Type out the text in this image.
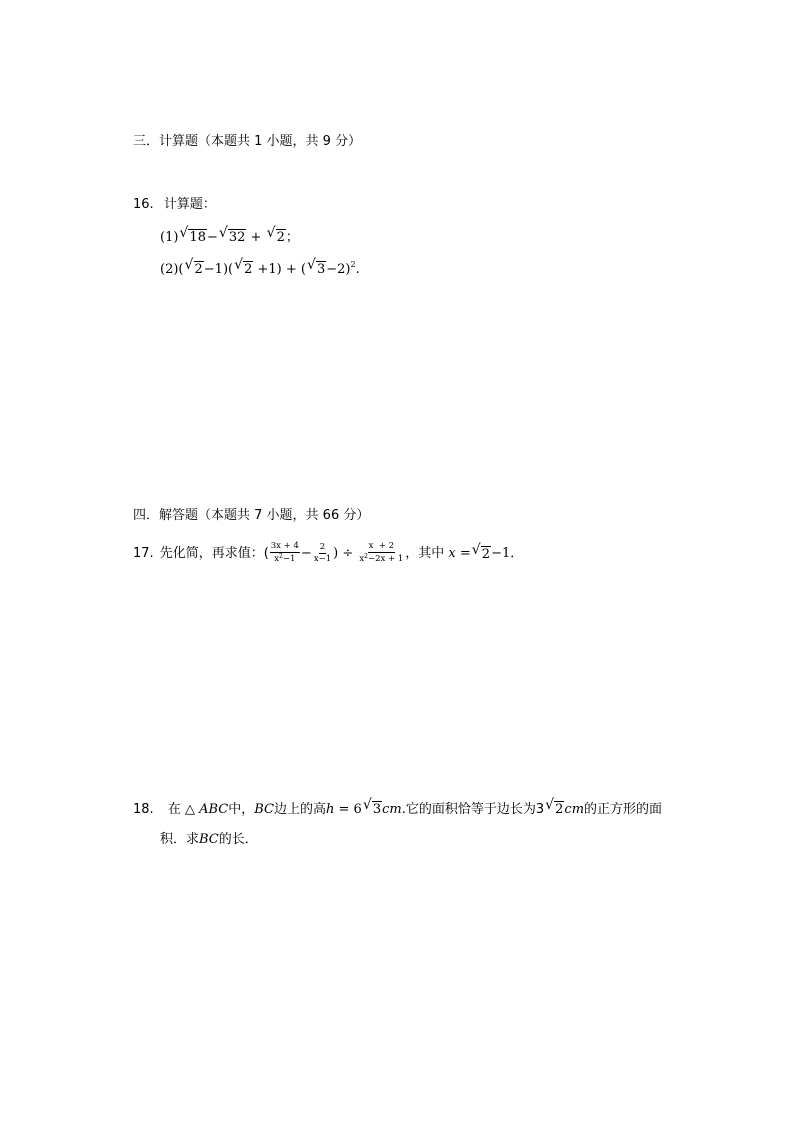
三．计算题（本题共 1 小题，共 9 分）
16. 计算题：
(1) √ 18− √ 32 + √ 2；
(2)( √ 2−1)( √ 2 +1) + ( √ 3−2)$^2$.
四．解答题（本题共 7 小题，共 66 分）
17. 先化简，再求值：( $\frac{3x + 4}{x^2-1} - \frac{2}{x-1}$ ) ÷ $\frac{x + 2}{x^2-2x + 1}$ ，其中 x = √ 2 −1 ．
18. 在 △ ABC中，BC边上的高h = 6 √ 3cm.它的面积恰等于边长为3 √ 2cm的正方形的面
积．求BC的长．
